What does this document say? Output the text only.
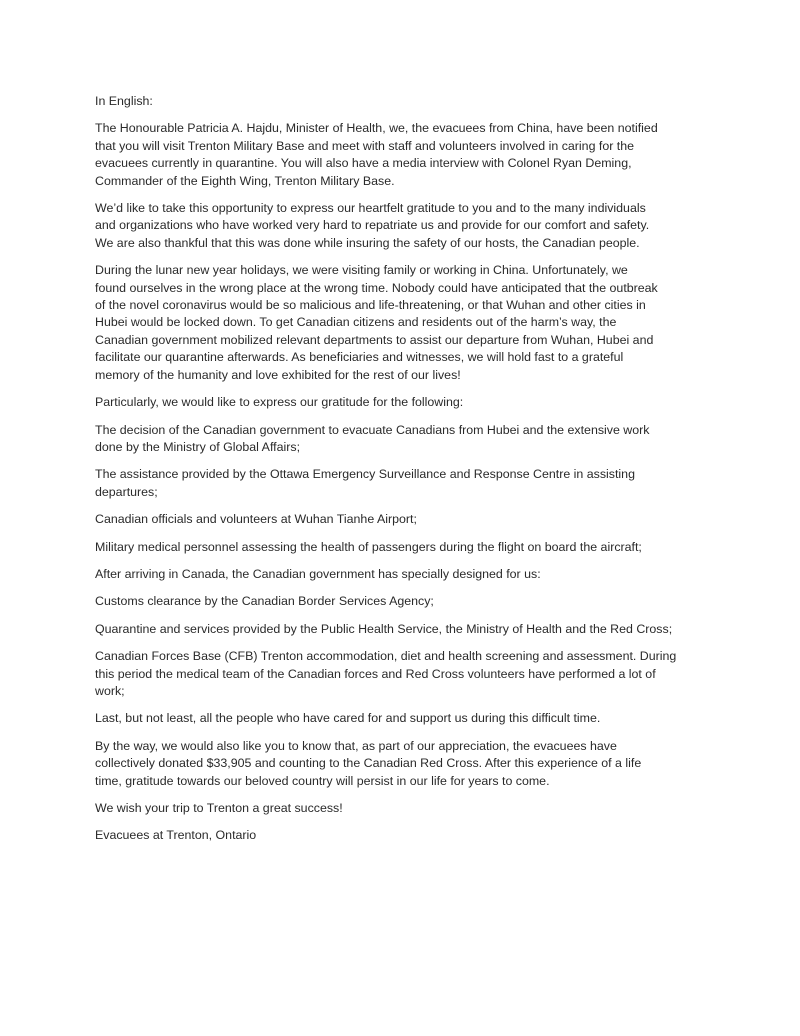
In English:

The Honourable Patricia A. Hajdu, Minister of Health, we, the evacuees from China, have been notified
that you will visit Trenton Military Base and meet with staff and volunteers involved in caring for the
evacuees currently in quarantine. You will also have a media interview with Colonel Ryan Deming,
Commander of the Eighth Wing, Trenton Military Base.

We’d like to take this opportunity to express our heartfelt gratitude to you and to the many individuals
and organizations who have worked very hard to repatriate us and provide for our comfort and safety.
We are also thankful that this was done while insuring the safety of our hosts, the Canadian people.

During the lunar new year holidays, we were visiting family or working in China. Unfortunately, we
found ourselves in the wrong place at the wrong time. Nobody could have anticipated that the outbreak
of the novel coronavirus would be so malicious and life-threatening, or that Wuhan and other cities in
Hubei would be locked down. To get Canadian citizens and residents out of the harm’s way, the
Canadian government mobilized relevant departments to assist our departure from Wuhan, Hubei and
facilitate our quarantine afterwards. As beneficiaries and witnesses, we will hold fast to a grateful
memory of the humanity and love exhibited for the rest of our lives!

Particularly, we would like to express our gratitude for the following:

The decision of the Canadian government to evacuate Canadians from Hubei and the extensive work
done by the Ministry of Global Affairs;

The assistance provided by the Ottawa Emergency Surveillance and Response Centre in assisting
departures;

Canadian officials and volunteers at Wuhan Tianhe Airport;

Military medical personnel assessing the health of passengers during the flight on board the aircraft;

After arriving in Canada, the Canadian government has specially designed for us:

Customs clearance by the Canadian Border Services Agency;

Quarantine and services provided by the Public Health Service, the Ministry of Health and the Red Cross;

Canadian Forces Base (CFB) Trenton accommodation, diet and health screening and assessment. During
this period the medical team of the Canadian forces and Red Cross volunteers have performed a lot of
work;

Last, but not least, all the people who have cared for and support us during this difficult time.

By the way, we would also like you to know that, as part of our appreciation, the evacuees have
collectively donated $33,905 and counting to the Canadian Red Cross. After this experience of a life
time, gratitude towards our beloved country will persist in our life for years to come.

We wish your trip to Trenton a great success!

Evacuees at Trenton, Ontario
